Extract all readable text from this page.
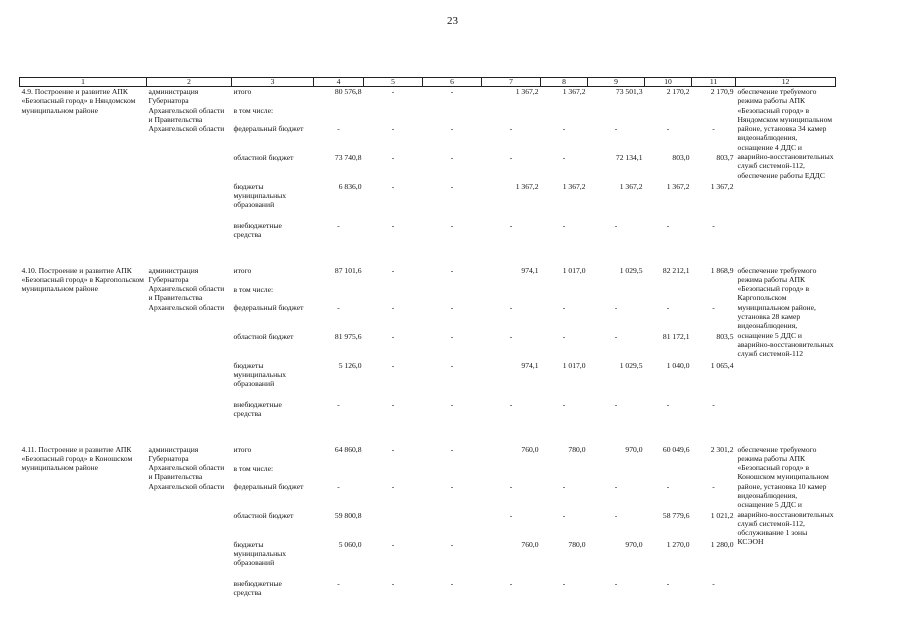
23
1	2	3	4	5	6	7	8	9	10	11	12
4.9. Построение и развитие АПК «Безопасный город» в Няндомском муниципальном районе	администрация Губернатора Архангельской области и Правительства Архангельской области	итого	80 576,8	-	-	1 367,2	1 367,2	73 501,3	2 170,2	2 170,9	обеспечение требуемого режима работы АПК «Безопасный город» в Няндомском муниципальном районе, установка 34 камер видеонаблюдения, оснащение 4 ДДС и аварийно-восстановительных служб системой-112, обеспечение работы ЕДДС
		в том числе:									
		федеральный бюджет	-	-	-	-	-	-	-	-	
		областной бюджет	73 740,8	-	-	-	-	72 134,1	803,0	803,7	
		бюджеты муниципальных образований	6 836,0	-	-	1 367,2	1 367,2	1 367,2	1 367,2	1 367,2	
		внебюджетные средства	-	-	-	-	-	-	-	-	

4.10. Построение и развитие АПК «Безопасный город» в Каргопольском муниципальном районе	администрация Губернатора Архангельской области и Правительства Архангельской области	итого	87 101,6	-	-	974,1	1 017,0	1 029,5	82 212,1	1 868,9	обеспечение требуемого режима работы АПК «Безопасный город» в Каргопольском муниципальном районе, установка 28 камер видеонаблюдения, оснащение 5 ДДС и аварийно-восстановительных служб системой-112
		в том числе:									
		федеральный бюджет	-	-	-	-	-	-	-	-	
		областной бюджет	81 975,6	-	-	-	-	-	81 172,1	803,5	
		бюджеты муниципальных образований	5 126,0	-	-	974,1	1 017,0	1 029,5	1 040,0	1 065,4	
		внебюджетные средства	-	-	-	-	-	-	-	-	

4.11. Построение и развитие АПК «Безопасный город» в Коношском муниципальном районе	администрация Губернатора Архангельской области и Правительства Архангельской области	итого	64 860,8	-	-	760,0	780,0	970,0	60 049,6	2 301,2	обеспечение требуемого режима работы АПК «Безопасный город» в Коношском муниципальном районе, установка 10 камер видеонаблюдения, оснащение 5 ДДС и аварийно-восстановительных служб системой-112, обслуживание 1 зоны КСЭОН
		в том числе:									
		федеральный бюджет	-	-	-	-	-	-	-	-	
		областной бюджет	59 800,8			-	-	-	58 779,6	1 021,2	
		бюджеты муниципальных образований	5 060,0	-	-	760,0	780,0	970,0	1 270,0	1 280,0	
		внебюджетные средства	-	-	-	-	-	-	-	-	
